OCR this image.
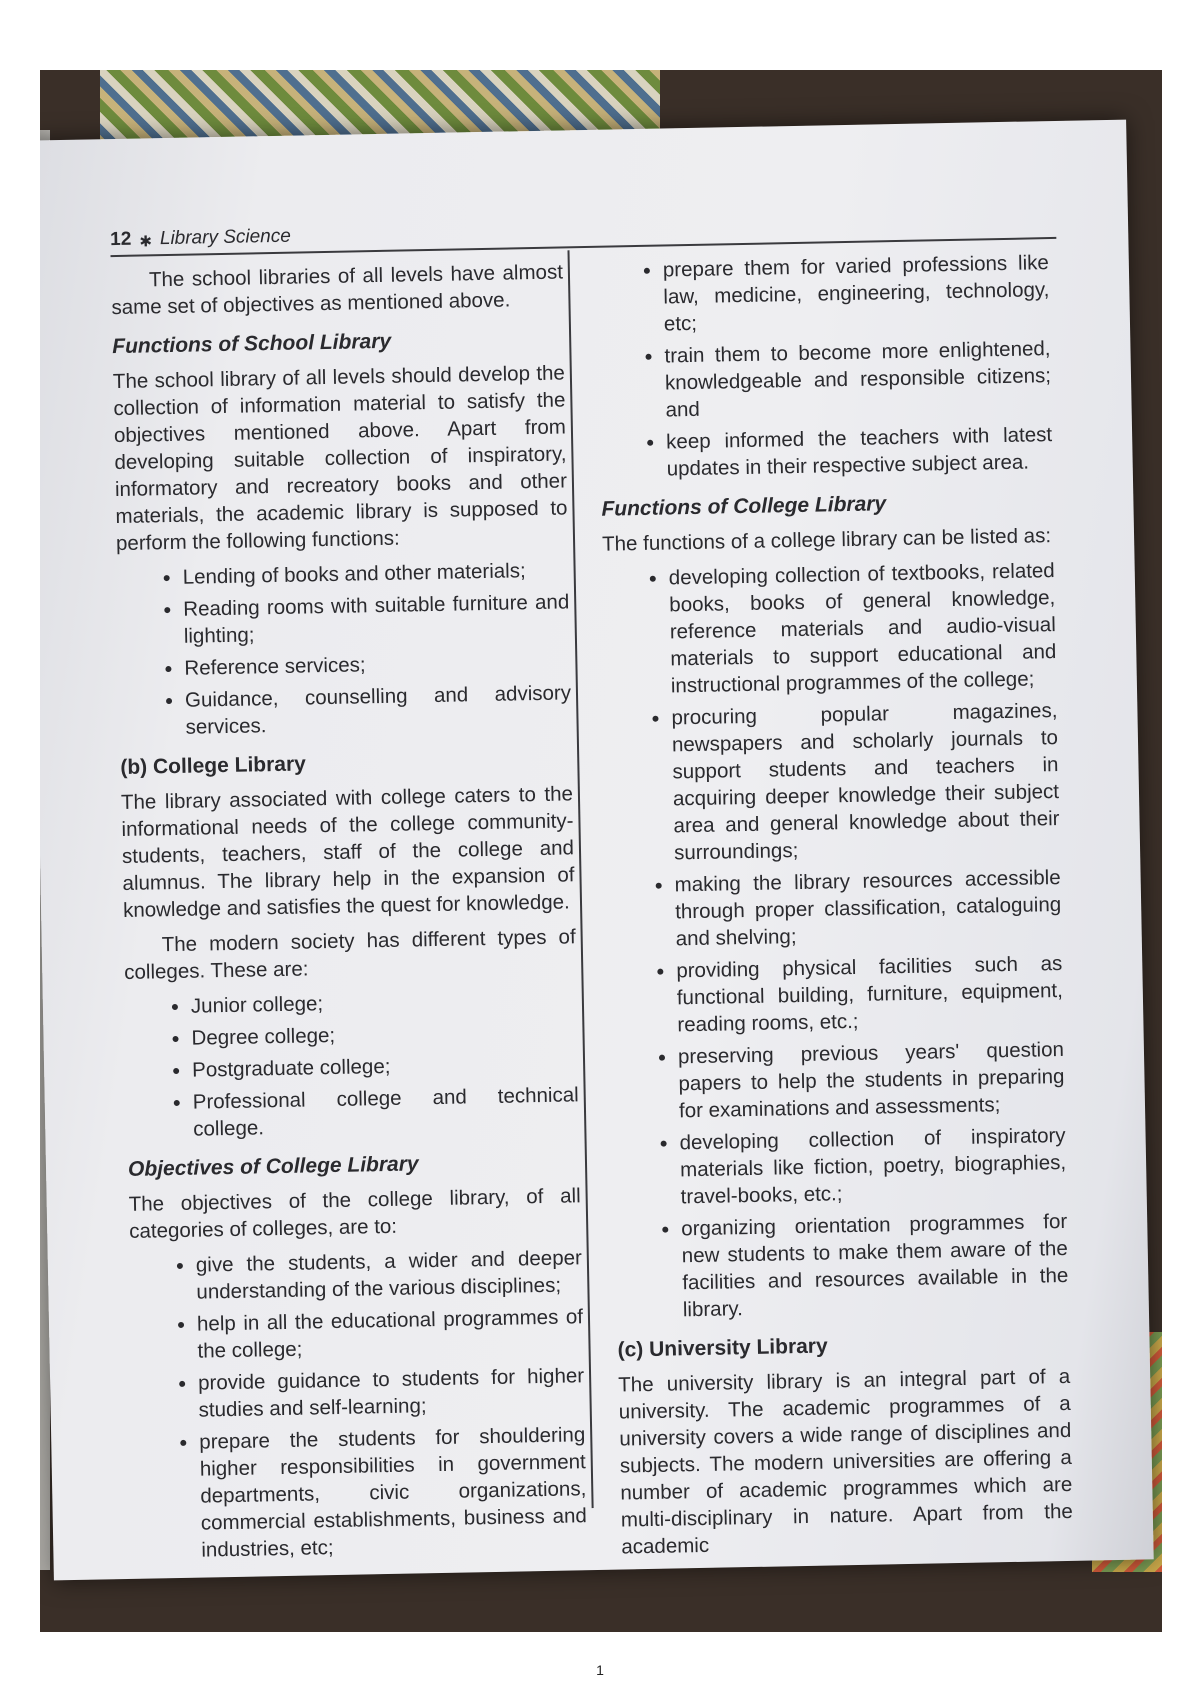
12 ✱ Library Science

The school libraries of all levels have almost same set of objectives as mentioned above.

Functions of School Library

The school library of all levels should develop the collection of information material to satisfy the objectives mentioned above. Apart from developing suitable collection of inspiratory, informatory and recreatory books and other materials, the academic library is supposed to perform the following functions:

• Lending of books and other materials;
• Reading rooms with suitable furniture and lighting;
• Reference services;
• Guidance, counselling and advisory services.
(b) College Library

The library associated with college caters to the informational needs of the college community- students, teachers, staff of the college and alumnus. The library help in the expansion of knowledge and satisfies the quest for knowledge.

The modern society has different types of colleges. These are:

• Junior college;
• Degree college;
• Postgraduate college;
• Professional college and technical college.
Objectives of College Library

The objectives of the college library, of all categories of colleges, are to:

• give the students, a wider and deeper understanding of the various disciplines;
• help in all the educational programmes of the college;
• provide guidance to students for higher studies and self-learning;
• prepare the students for shouldering higher responsibilities in government departments, civic organizations, commercial establishments, business and industries, etc;
• prepare them for varied professions like law, medicine, engineering, technology, etc;
• train them to become more enlightened, knowledgeable and responsible citizens; and
• keep informed the teachers with latest updates in their respective subject area.
Functions of College Library

The functions of a college library can be listed as:

• developing collection of textbooks, related books, books of general knowledge, reference materials and audio-visual materials to support educational and instructional programmes of the college;
• procuring popular magazines, newspapers and scholarly journals to support students and teachers in acquiring deeper knowledge their subject area and general knowledge about their surroundings;
• making the library resources accessible through proper classification, cataloguing and shelving;
• providing physical facilities such as functional building, furniture, equipment, reading rooms, etc.;
• preserving previous years' question papers to help the students in preparing for examinations and assessments;
• developing collection of inspiratory materials like fiction, poetry, biographies, travel-books, etc.;
• organizing orientation programmes for new students to make them aware of the facilities and resources available in the library.
(c) University Library

The university library is an integral part of a university. The academic programmes of a university covers a wide range of disciplines and subjects. The modern universities are offering a number of academic programmes which are multi-disciplinary in nature. Apart from the academic

1
